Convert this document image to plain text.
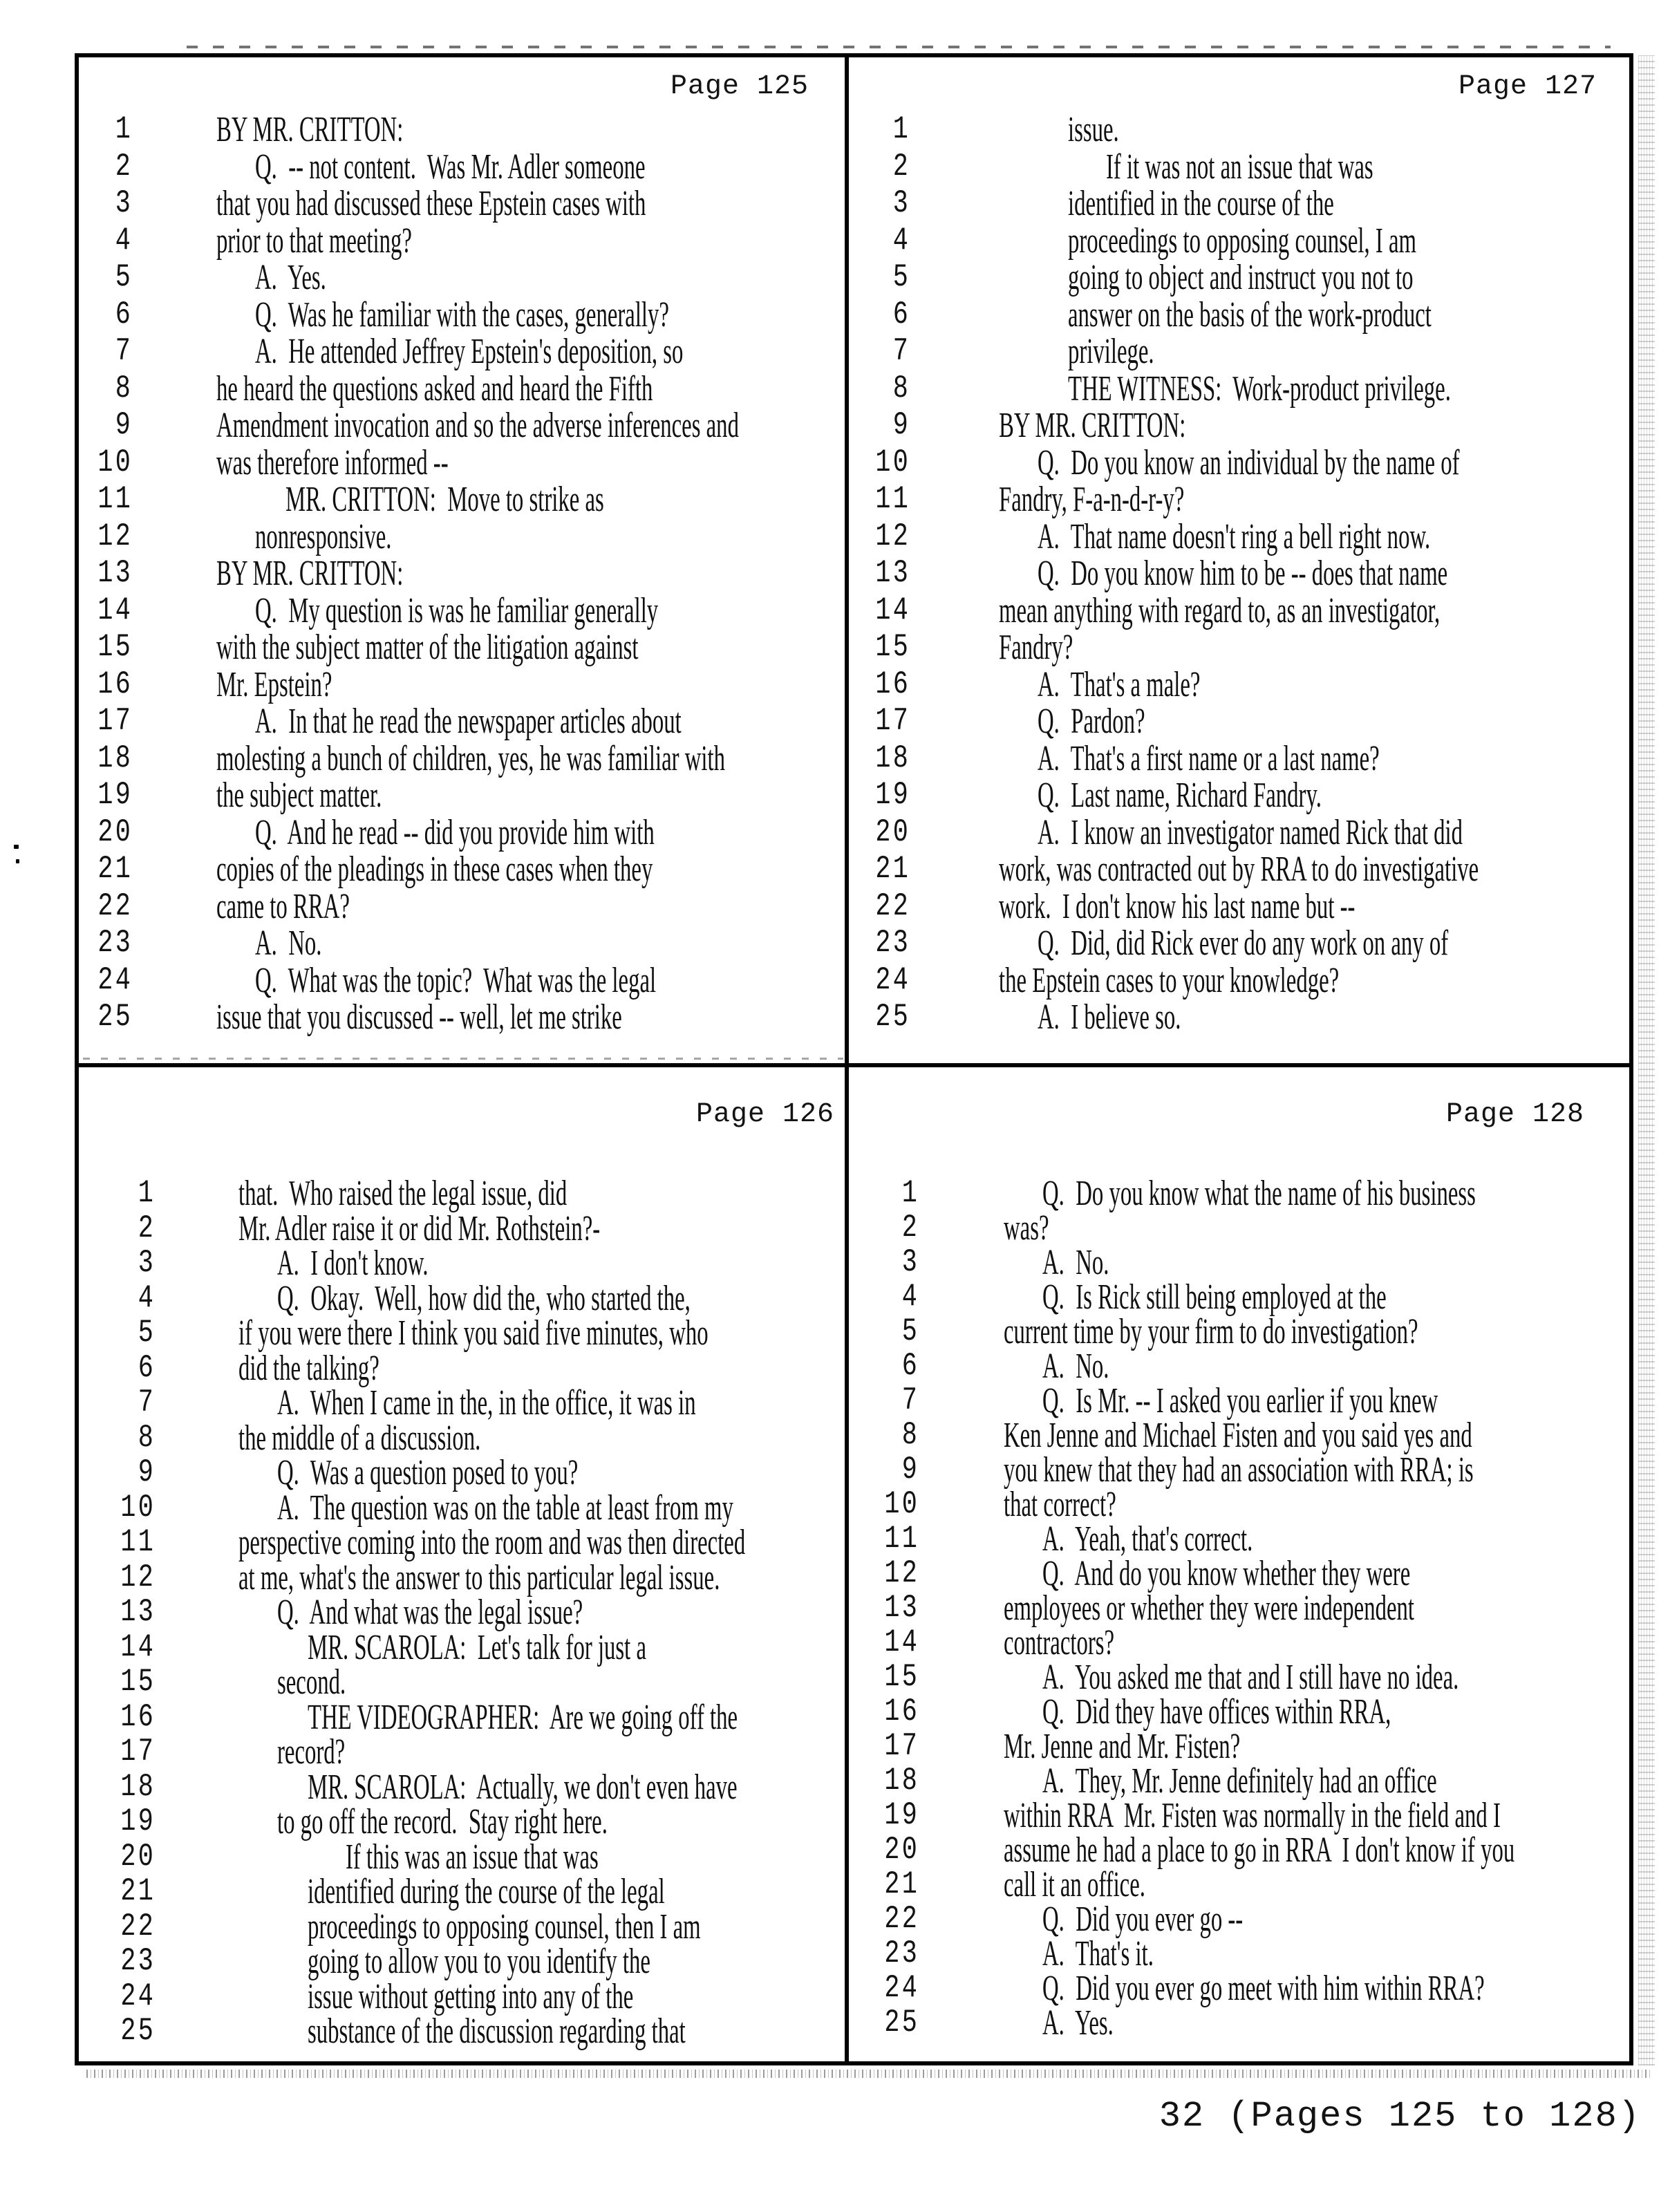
Page 125
1 BY MR. CRITTON:
2	Q.  -- not content.  Was Mr. Adler someone
3 that you had discussed these Epstein cases with
4 prior to that meeting?
5	A.  Yes.
6	Q.  Was he familiar with the cases, generally?
7	A.  He attended Jeffrey Epstein's deposition, so
8 he heard the questions asked and heard the Fifth
9 Amendment invocation and so the adverse inferences and
10 was therefore informed --
11	MR. CRITTON:  Move to strike as
12	nonresponsive.
13 BY MR. CRITTON:
14	Q.  My question is was he familiar generally
15 with the subject matter of the litigation against
16 Mr. Epstein?
17	A.  In that he read the newspaper articles about
18 molesting a bunch of children, yes, he was familiar with
19 the subject matter.
20	Q.  And he read -- did you provide him with
21 copies of the pleadings in these cases when they
22 came to RRA?
23	A.  No.
24	Q.  What was the topic?  What was the legal
25 issue that you discussed -- well, let me strike
Page 127
1	issue.
2	If it was not an issue that was
3	identified in the course of the
4	proceedings to opposing counsel, I am
5	going to object and instruct you not to
6	answer on the basis of the work-product
7	privilege.
8	THE WITNESS:  Work-product privilege.
9 BY MR. CRITTON:
10	Q.  Do you know an individual by the name of
11 Fandry, F-a-n-d-r-y?
12	A.  That name doesn't ring a bell right now.
13	Q.  Do you know him to be -- does that name
14 mean anything with regard to, as an investigator,
15 Fandry?
16	A.  That's a male?
17	Q.  Pardon?
18	A.  That's a first name or a last name?
19	Q.  Last name, Richard Fandry.
20	A.  I know an investigator named Rick that did
21 work, was contracted out by RRA to do investigative
22 work.  I don't know his last name but --
23	Q.  Did, did Rick ever do any work on any of
24 the Epstein cases to your knowledge?
25	A.  I believe so.
Page 126
1 that.  Who raised the legal issue, did
2 Mr. Adler raise it or did Mr. Rothstein?-
3	A.  I don't know.
4	Q.  Okay.  Well, how did the, who started the,
5 if you were there I think you said five minutes, who
6 did the talking?
7	A.  When I came in the, in the office, it was in
8 the middle of a discussion.
9	Q.  Was a question posed to you?
10	A.  The question was on the table at least from my
11 perspective coming into the room and was then directed
12 at me, what's the answer to this particular legal issue.
13	Q.  And what was the legal issue?
14	MR. SCAROLA:  Let's talk for just a
15	second.
16	THE VIDEOGRAPHER:  Are we going off the
17	record?
18	MR. SCAROLA:  Actually, we don't even have
19	to go off the record.  Stay right here.
20	If this was an issue that was
21	identified during the course of the legal
22	proceedings to opposing counsel, then I am
23	going to allow you to you identify the
24	issue without getting into any of the
25	substance of the discussion regarding that
Page 128
1	Q.  Do you know what the name of his business
2 was?
3	A.  No.
4	Q.  Is Rick still being employed at the
5 current time by your firm to do investigation?
6	A.  No.
7	Q.  Is Mr. -- I asked you earlier if you knew
8 Ken Jenne and Michael Fisten and you said yes and
9 you knew that they had an association with RRA; is
10 that correct?
11	A.  Yeah, that's correct.
12	Q.  And do you know whether they were
13 employees or whether they were independent
14 contractors?
15	A.  You asked me that and I still have no idea.
16	Q.  Did they have offices within RRA,
17 Mr. Jenne and Mr. Fisten?
18	A.  They, Mr. Jenne definitely had an office
19 within RRA  Mr. Fisten was normally in the field and I
20 assume he had a place to go in RRA  I don't know if you
21 call it an office.
22	Q.  Did you ever go --
23	A.  That's it.
24	Q.  Did you ever go meet with him within RRA?
25	A.  Yes.
32 (Pages 125 to 128)
